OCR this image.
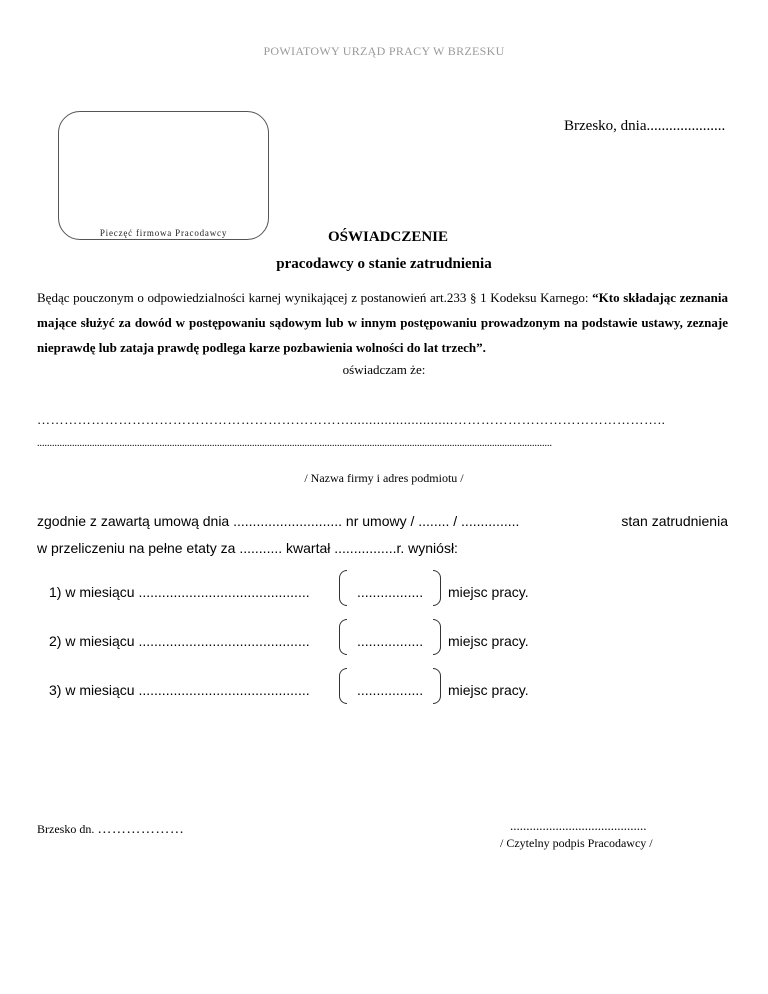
POWIATOWY URZĄD PRACY W BRZESKU
Brzesko, dnia.....................
Pieczęć firmowa Pracodawcy	OŚWIADCZENIE
pracodawcy o stanie zatrudnienia
Będąc pouczonym o odpowiedzialności karnej wynikającej z postanowień art.233 § 1 Kodeksu Karnego: “Kto składając zeznania mające służyć za dowód w postępowaniu sądowym lub w innym postępowaniu prowadzonym na podstawie ustawy, zeznaje nieprawdę lub zataja prawdę podlega karze pozbawienia wolności do lat trzech”.
oświadczam że:
……………………………………………………………...........................………………………………………..
..............................................................................................................................................................................................................
/ Nazwa firmy i adres podmiotu /
zgodnie z zawartą umową dnia ............................ nr umowy / ........ / ...............	stan zatrudnienia
w przeliczeniu na pełne etaty za ........... kwartał ................r. wyniósł:
1) w miesiącu ............................................	................. miejsc pracy.
2) w miesiącu ............................................	................. miejsc pracy.
3) w miesiącu ............................................	................. miejsc pracy.
Brzesko dn. ………………	..........................................
/ Czytelny podpis Pracodawcy /
